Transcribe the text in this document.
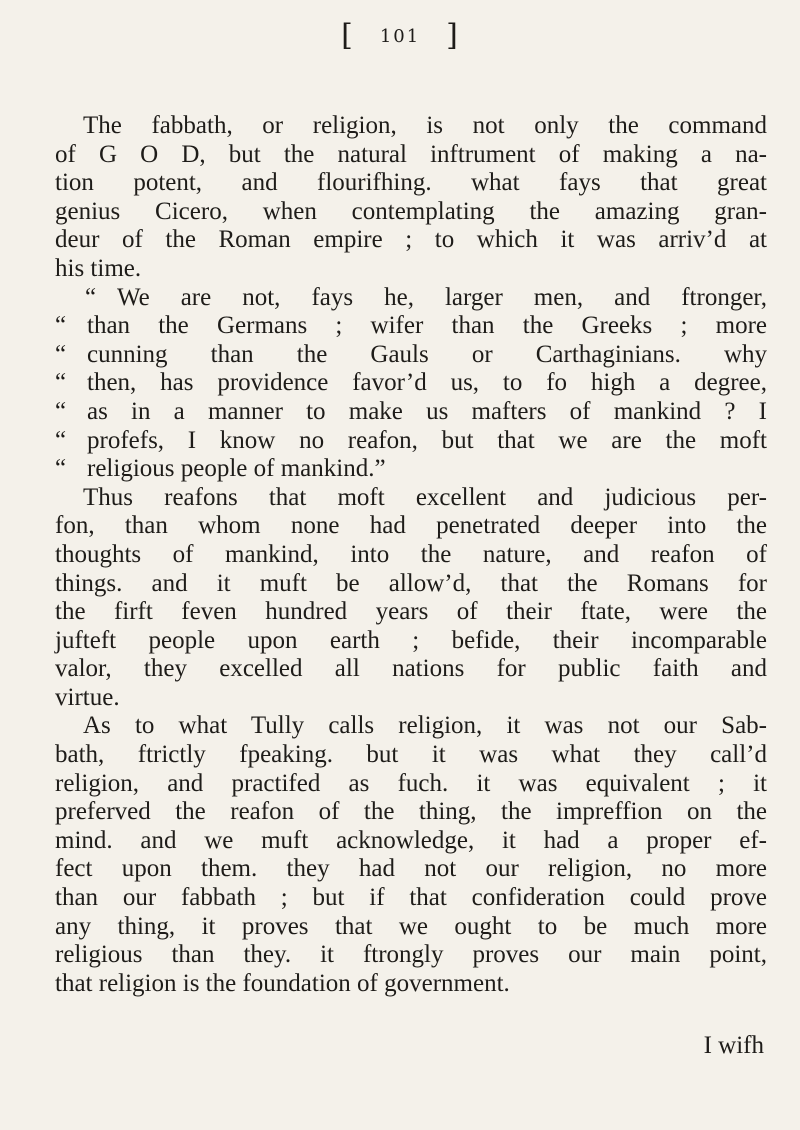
[ 101 ]
The fabbath, or religion, is not only the command
of G O D, but the natural inftrument of making a na-
tion potent, and flourifhing. what fays that great
genius Cicero, when contemplating the amazing gran-
deur of the Roman empire ; to which it was arriv’d at
his time.
“ We are not, fays he, larger men, and ftronger,
“ than the Germans ; wifer than the Greeks ; more
“ cunning than the Gauls or Carthaginians. why
“ then, has providence favor’d us, to fo high a degree,
“ as in a manner to make us mafters of mankind ? I
“ profefs, I know no reafon, but that we are the moft
“ religious people of mankind.”
Thus reafons that moft excellent and judicious per-
fon, than whom none had penetrated deeper into the
thoughts of mankind, into the nature, and reafon of
things. and it muft be allow’d, that the Romans for
the firft feven hundred years of their ftate, were the
jufteft people upon earth ; befide, their incomparable
valor, they excelled all nations for public faith and
virtue.
As to what Tully calls religion, it was not our Sab-
bath, ftrictly fpeaking. but it was what they call’d
religion, and practifed as fuch. it was equivalent ; it
preferved the reafon of the thing, the impreffion on the
mind. and we muft acknowledge, it had a proper ef-
fect upon them. they had not our religion, no more
than our fabbath ; but if that confideration could prove
any thing, it proves that we ought to be much more
religious than they. it ftrongly proves our main point,
that religion is the foundation of government.
I wifh
